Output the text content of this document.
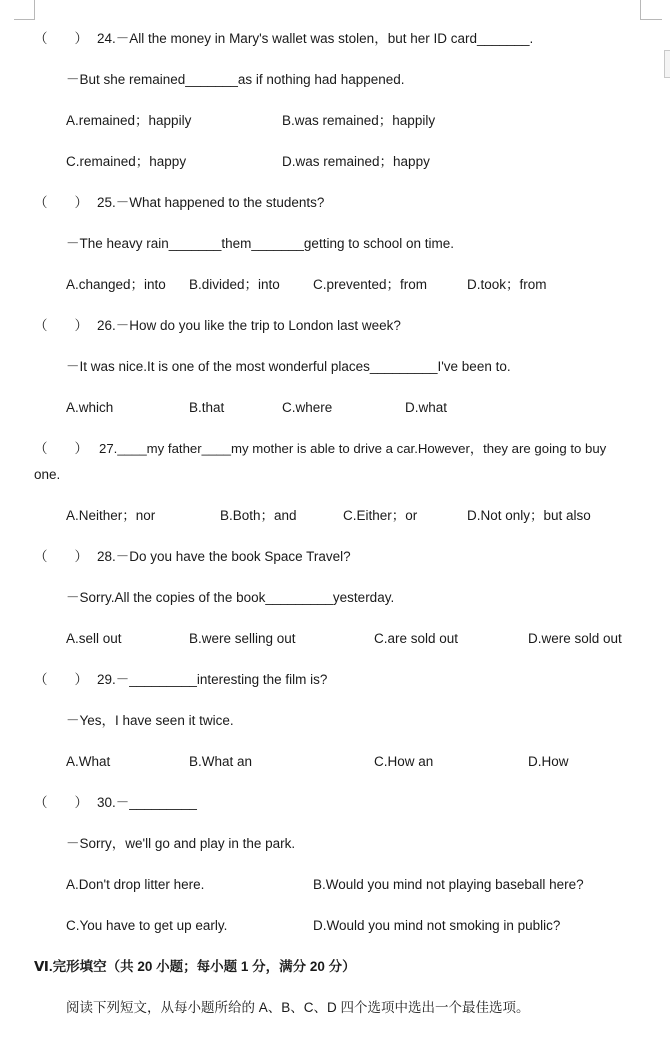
（　　） 24.－All the money in Mary's wallet was stolen，but her ID card_______.
－But she remained_______as if nothing had happened.
A.remained；happily	B.was remained；happily
C.remained；happy	D.was remained；happy
（　　） 25.－What happened to the students?
－The heavy rain_______them_______getting to school on time.
A.changed；into B.divided；into C.prevented；from	D.took；from
（　　） 26.－How do you like the trip to London last week?
－It was nice.It is one of the most wonderful places_________I've been to.
A.which	B.that	C.where	D.what
（　　） 27.____my father____my mother is able to drive a car.However，they are going to buy
one.
A.Neither；nor	B.Both；and	C.Either；or	D.Not only；but also
（　　） 28.－Do you have the book Space Travel?
－Sorry.All the copies of the book_________yesterday.
A.sell out	B.were selling out	C.are sold out	D.were sold out
（　　） 29.－_________interesting the film is?
－Yes，I have seen it twice.
A.What	B.What an	C.How an	D.How
（　　） 30.－_________
－Sorry，we'll go and play in the park.
A.Don't drop litter here.	B.Would you mind not playing baseball here?
C.You have to get up early.	D.Would you mind not smoking in public?
Ⅵ.完形填空（共 20 小题；每小题 1 分，满分 20 分）
阅读下列短文，从每小题所给的 A、B、C、D 四个选项中选出一个最佳选项。
